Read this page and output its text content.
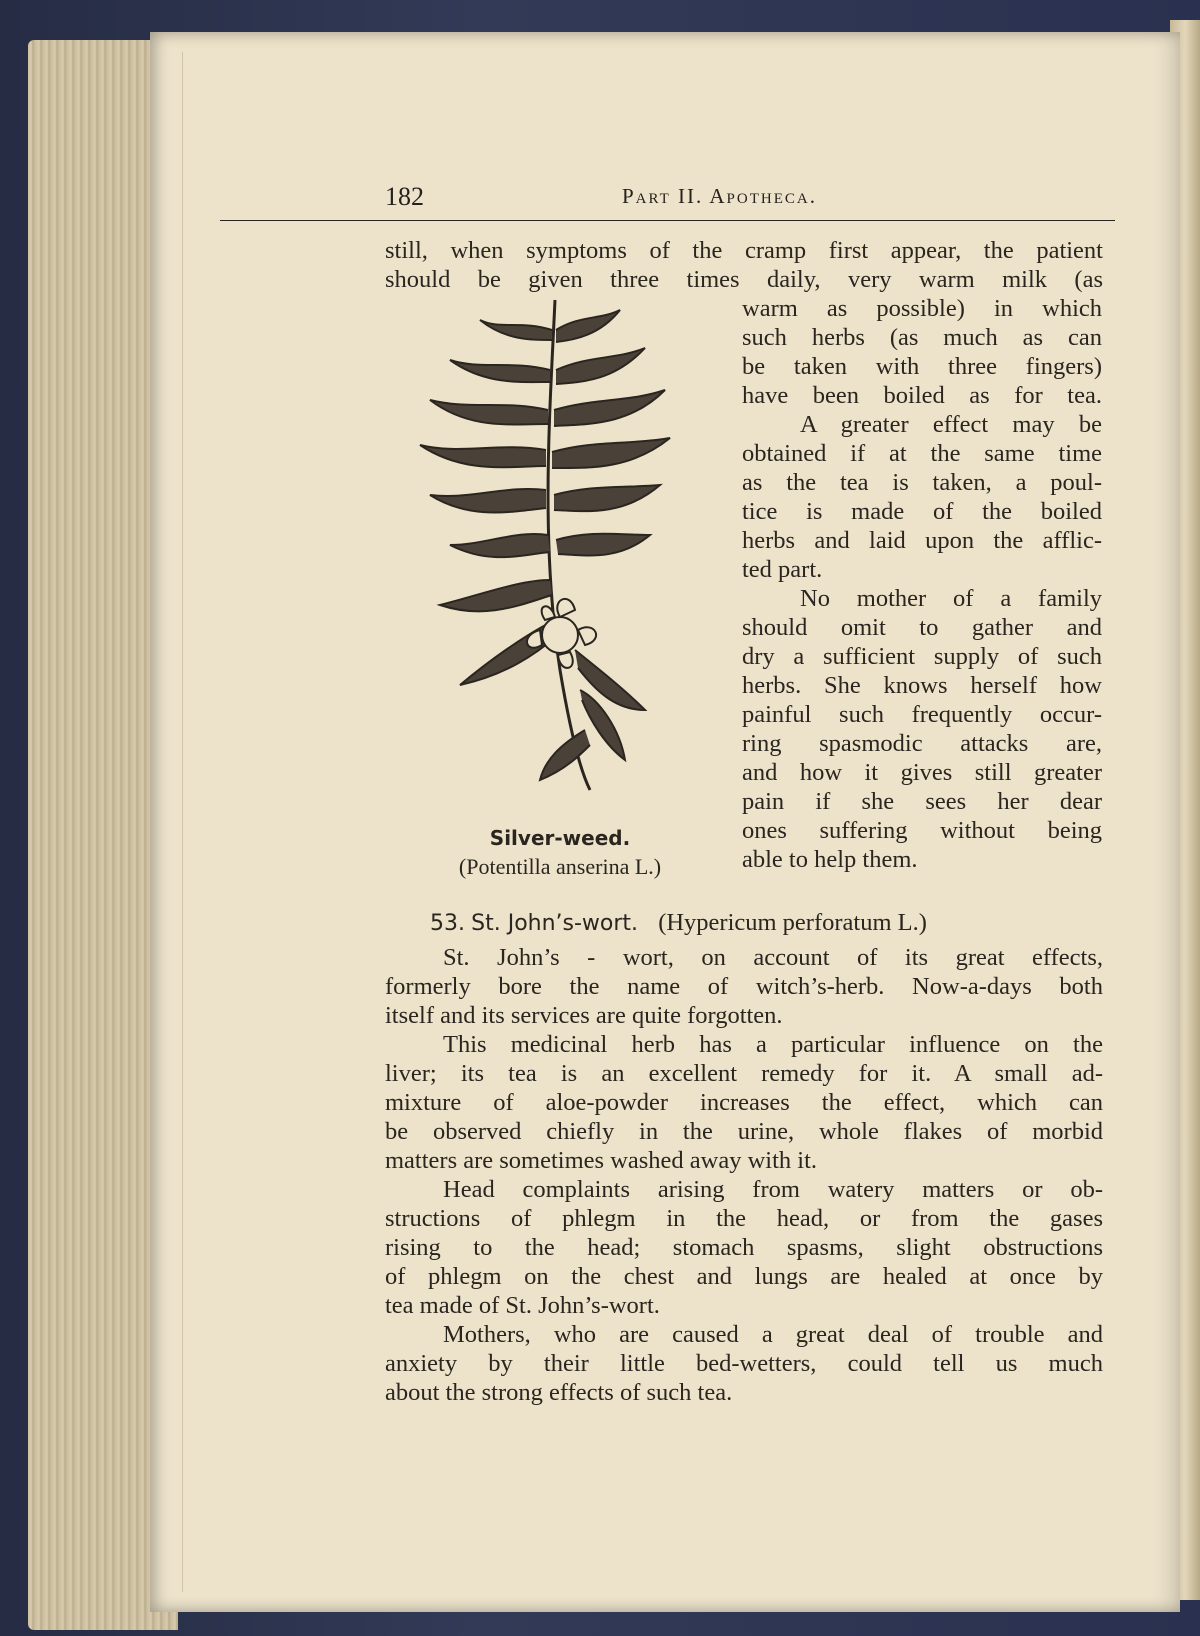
182	Part II. Apotheca.
still, when symptoms of the cramp first appear, the patient
should be given three times daily, very warm milk (as
warm as possible) in which
such herbs (as much as can
be taken with three fingers)
have been boiled as for tea.
A greater effect may be
obtained if at the same time
as the tea is taken, a poul-
tice is made of the boiled
herbs and laid upon the afflic-
ted part.
No mother of a family
should omit to gather and
dry a sufficient supply of such
herbs. She knows herself how
painful such frequently occur-
ring spasmodic attacks are,
and how it gives still greater
pain if she sees her dear
ones suffering without being
able to help them.
Silver-weed.
(Potentilla anserina L.)
53. St. John’s-wort. (Hypericum perforatum L.)
St. John’s - wort, on account of its great effects,
formerly bore the name of witch’s-herb. Now-a-days both
itself and its services are quite forgotten.
This medicinal herb has a particular influence on the
liver; its tea is an excellent remedy for it. A small ad-
mixture of aloe-powder increases the effect, which can
be observed chiefly in the urine, whole flakes of morbid
matters are sometimes washed away with it.
Head complaints arising from watery matters or ob-
structions of phlegm in the head, or from the gases
rising to the head; stomach spasms, slight obstructions
of phlegm on the chest and lungs are healed at once by
tea made of St. John’s-wort.
Mothers, who are caused a great deal of trouble and
anxiety by their little bed-wetters, could tell us much
about the strong effects of such tea.
